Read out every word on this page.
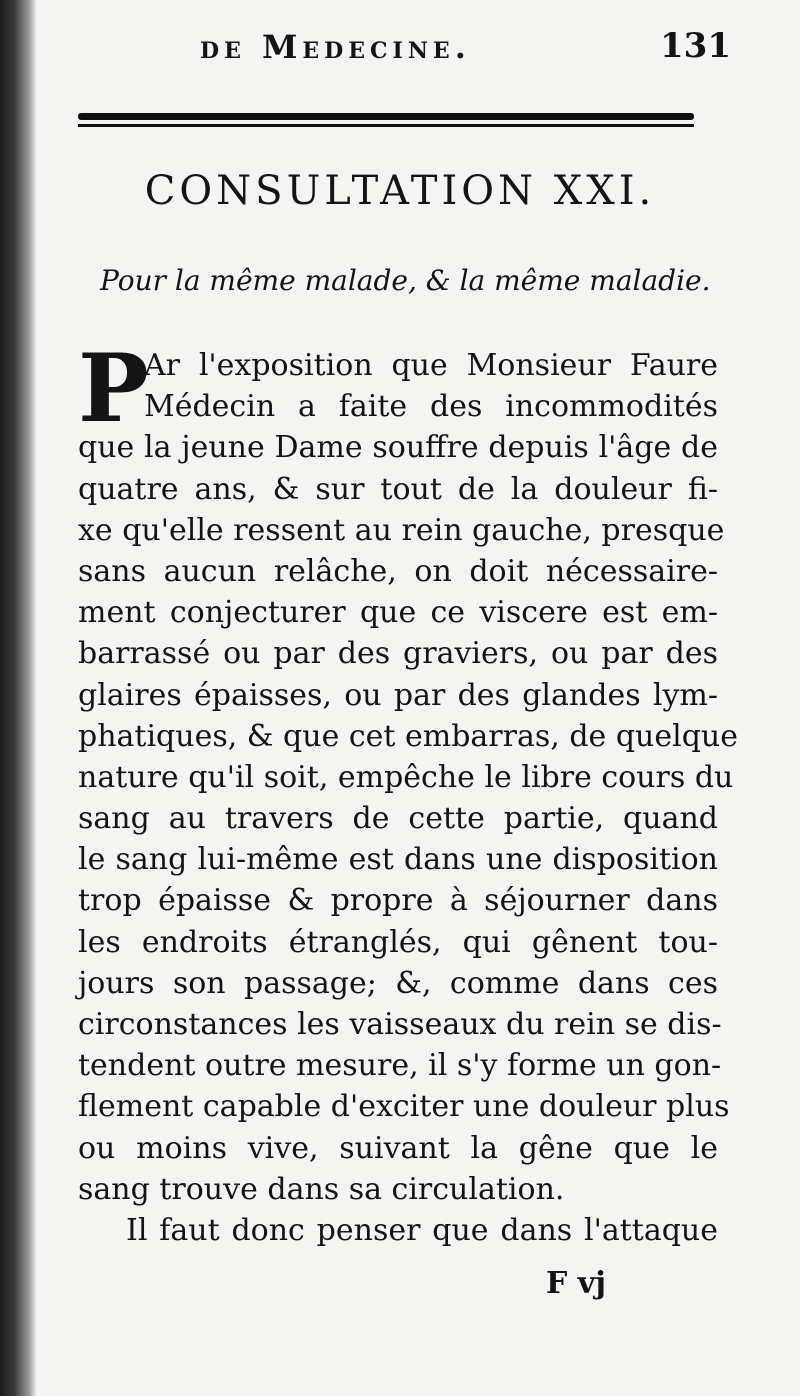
de Medecine.	131
CONSULTATION XXI.
Pour la même malade, & la même maladie.
P
Ar l'exposition que Monsieur Faure
Médecin a faite des incommodités
que la jeune Dame souffre depuis l'âge de
quatre ans, & sur tout de la douleur fi-
xe qu'elle ressent au rein gauche, presque
sans aucun relâche, on doit nécessaire-
ment conjecturer que ce viscere est em-
barrassé ou par des graviers, ou par des
glaires épaisses, ou par des glandes lym-
phatiques, & que cet embarras, de quelque
nature qu'il soit, empêche le libre cours du
sang au travers de cette partie, quand
le sang lui-même est dans une disposition
trop épaisse & propre à séjourner dans
les endroits étranglés, qui gênent tou-
jours son passage; &, comme dans ces
circonstances les vaisseaux du rein se dis-
tendent outre mesure, il s'y forme un gon-
flement capable d'exciter une douleur plus
ou moins vive, suivant la gêne que le
sang trouve dans sa circulation.
Il faut donc penser que dans l'attaque
F vj
